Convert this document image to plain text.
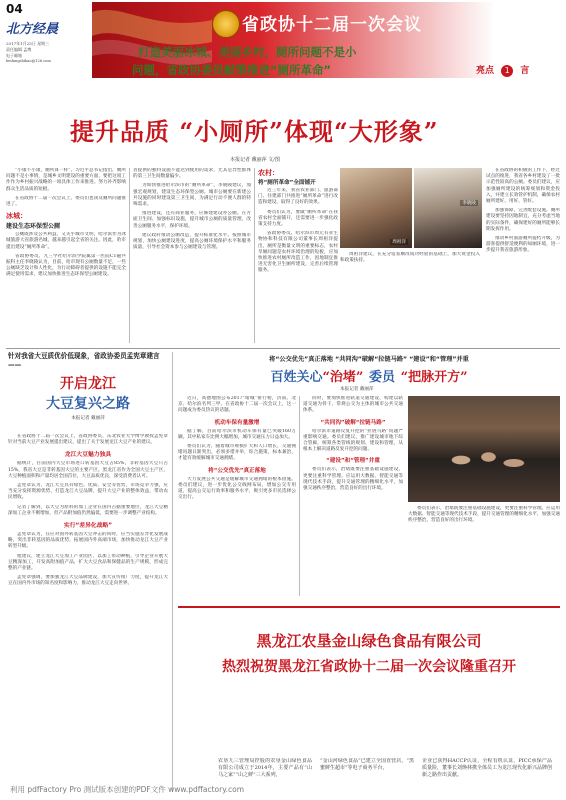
04
北方经晨
2017年1月25日 星期三
责任编辑 孟博
电子邮箱
beifangshibao@126.com
省政协十二届一次会议
打造美丽冰城、美丽乡村，厕所问题不是小
问题，省政协委员献策推进“厕所革命”	亮点 1 言
提升品质 “小厕所”体现“大形象”
本报记者 戴丽萍 文/图

“小康不小康，厕所算一样”。习近平总书记指出，厕所问题不是小事情，是城乡文明建设的重要方面，要把这项工作作为乡村振兴战略的一项具体工作来推进。努力补齐影响群众生活品质的短板。

在省政协十二届一次会议上，委员们也谈及厕所问题推进了。

冰城：
建设生态环保型公厕

公厕既涉及公共利益，又关乎城市文明，哈尔滨作为冰城旅游大省旅游名城，越来越引起全省的关注。因此，哈市提出建设“厕所革命”。

省政协委员、九三学社哈尔滨学院属第一医院CT磁共振科主任李晓陵认为，目前，哈市现有公厕数量不足，一些公厕缺乏设计和人性化，为行动障碍者提供的设施不能完全满足使用需求，建议加快推进生态环保型公厕建设。

者提供的独特设施不能达到使用的需求，尤其是异性群体的第三卫生间数量偏少。

为如快推进哈尔滨市的“厕所革命”，李晓陵建议，加强宏观规划，建设生态环保型公厕。城市公厕要在新建公共设施的同时建设第三卫生间，为满足行动不便人群的特殊需求。

推进建设，还有商业服务，应修建建设办公厕。在方面卫生间、加强标识设施，提升城市公厕的质量管理，改善公厕服务水平，保护环境。

建议政府推动公厕改造，提升标准化水平。按照城市规划，加快公厕建设进度，提高公厕环境保护水平和服务质量，引导社会资本参与公厕建设与管理。

农村：
将“厕所革命”全面铺开

近三年来，我省农业部门、旅游部门、住建部门共推进“厕所革命”进行改造和建设，取得了良好的效果。

委员们认为，要做“厕所革命”在我省农村全面铺开，还需要进一步强化政策支持力度。

省政协委员、哈尔滨市周元有业生物协和科技有限公司董事长周祖洋提出，厕所是衡量文明的重要标志，农村旱厕问题是农村环境治理的短板，应加快推进农村厕所改造工作，因地制宜推进无害化卫生厕所建设，完善后续管理服务。

周祖洋
李晓陵

周祖洋建议，在充分借鉴顺改成功经验的基础上，加大资金投入和政策扶持。

在省政协的积极的工作下，经过试点的推进，我省各乡村建设了一批示范性较高的公厕。委员们建议，应加强厕所建设的统筹规划和资金投入，并建立长效管护机制，确保农村厕所建好、用好、管好。

加强保障，完善配套设施。厕所建设要坚持因地制宜，充分考虑当地的实际条件，确保建好的厕所能够长期发挥作用。

推动乡村旅游厕所提档升级，为游客提供舒适便利的如厕环境，进一步提升我省旅游形象。

针对我省大豆质优价低现象，省政协委员孟宪章建言——
开启龙江
大豆复兴之路
本报记者 戴丽萍

在省政协十二届一次会议上，省政协委员、东北农业大学博学教授孟宪章针对当前大豆产业发展提出建议，提出了关于发展龙江大豆产业的建议。

龙江大豆魅力独具

据统计，目前国内大豆市场进口转基因大豆占85%，非转基因大豆只占15%，我省大豆是非转基因大豆的主要产区。黑龙江省作为全国大豆主产区，大豆种植面积和产量均居全国首位，大豆品质优良，深受消费者认可。

孟宪章认为，龙江大豆具有绿色、优质、安全等优势，市场竞争力强，应当充分发挥资源优势，打造龙江大豆品牌，提升大豆产业的整体效益，带动农民增收。

记者了解到，以大豆为原料的加工企业在国内占据重要地位，龙江大豆精深加工企业不断增加，但产品附加值仍然偏低，需要进一步调整产业结构。

实行“差异化战略”

孟宪章认为，在应对国外转基因大豆冲击的同时，应当实施差异化发展战略，突出非转基因的品质优势，拓展国内外高端市场，加快推动龙江大豆产业转型升级。

他建议，建立龙江大豆加工产业园区，以加工带动种植，引导企业开展大豆精深加工，开发高附加值产品，扩大大豆食品和保健品的生产规模，形成完整的产业链。

孟宪章强调，要加强龙江大豆品牌建设，加大宣传推广力度，提升龙江大豆在国内外市场的知名度和影响力，推动龙江大豆走向世界。

将“公交优先”真正落地 “共同沟”破解“拉链马路” “建设”和“管理”并重
百姓关心“治堵” 委员 “把脉开方”
本报记者 戴丽萍

近日，高德地图公布2017“堵城”排行榜，济南、北京、哈尔滨名列三甲。在省政协十二届一次会议上，这一问题成为委员热议的话题。

机动车保有量激增

据了解，目前哈尔滨市机动车保有量已突破160万辆，其中私家车比例大幅增加，城市交通压力日益加大。

委员们认为，随着城市规模扩大和人口增长，交通拥堵问题日渐突出，必须多措并举，综合施策，标本兼治，才能有效缓解城市交通拥堵。

将“公交优先”真正落地

大力发展公共交通是缓解城市交通拥堵的根本措施。委员们建议，进一步优化公交线网布局，增加公交专用道，提高公交运行效率和服务水平，吸引更多市民选择公交出行。

同时，要加快推进轨道交通建设，构建以轨道交通为骨干、常规公交为主体的城市公共交通体系。

“共同沟”破解“拉链马路”

哈尔滨市道路反复开挖的“拉链马路”问题严重影响交通。委员们建议，推广建设城市地下综合管廊，统筹各类管线的规划、建设和管理，从根本上解决道路反复开挖的问题。

“建设”和“管理”并重

委员们表示，治堵既要注重基础设施建设，更要注重科学管理。应运用大数据、智能交通等现代技术手段，提升交通管理的精细化水平，加强交通秩序整治，营造良好的出行环境。

委员们表示，治堵既要注重基础设施建设，更要注重科学管理。应运用大数据、智能交通等现代技术手段，提升交通管理的精细化水平，加强交通秩序整治，营造良好的出行环境。

黑龙江农垦金山绿色食品有限公司
热烈祝贺黑龙江省政协十二届一次会议隆重召开

农垦九三管理局控股的农垦金山绿色食品有限公司成立于2014年，主要产品有“山马之家”“山之鲜”三大系列，

“金山河绿色食品”已建立全国直营店，“黑蜜鲜生超市”等电子商务平台，

企业已获得HACCP认证，全程有机认证，PICC承保产品质量险，董事长刘焕林携全体员工为龙江现代化新兴品牌创新之路作出贡献。

利用 pdfFactory Pro 测试版本创建的PDF文件 www.pdffactory.com
